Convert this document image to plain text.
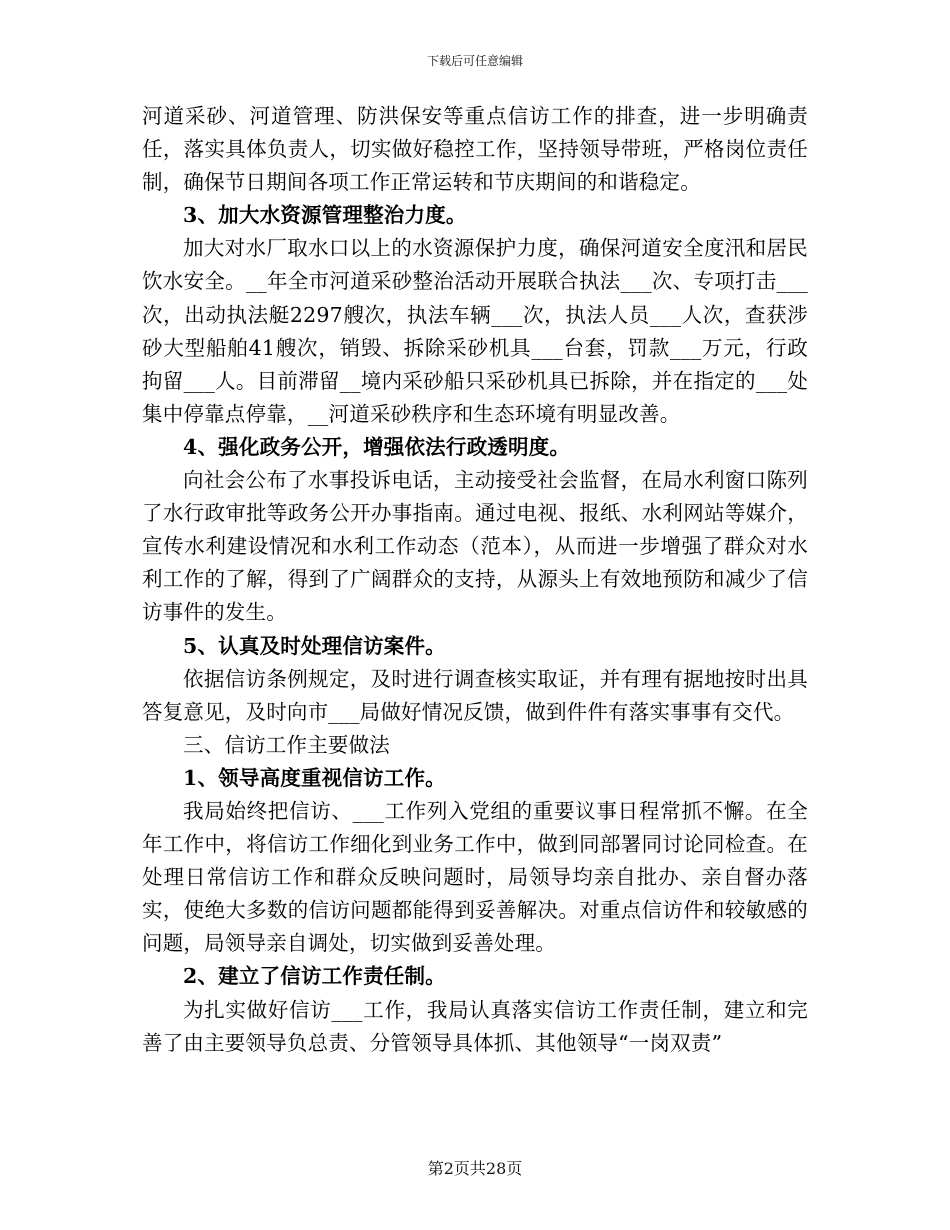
下载后可任意编辑

河道采砂、河道管理、防洪保安等重点信访工作的排查，进一步明确责任，落实具体负责人，切实做好稳控工作，坚持领导带班，严格岗位责任制，确保节日期间各项工作正常运转和节庆期间的和谐稳定。

3、加大水资源管理整治力度。

加大对水厂取水口以上的水资源保护力度，确保河道安全度汛和居民饮水安全。__年全市河道采砂整治活动开展联合执法___次、专项打击___次，出动执法艇2297艘次，执法车辆___次，执法人员___人次，查获涉砂大型船舶41艘次，销毁、拆除采砂机具___台套，罚款___万元，行政拘留___人。目前滞留__境内采砂船只采砂机具已拆除，并在指定的___处集中停靠点停靠，__河道采砂秩序和生态环境有明显改善。

4、强化政务公开，增强依法行政透明度。

向社会公布了水事投诉电话，主动接受社会监督，在局水利窗口陈列了水行政审批等政务公开办事指南。通过电视、报纸、水利网站等媒介，宣传水利建设情况和水利工作动态（范本），从而进一步增强了群众对水利工作的了解，得到了广阔群众的支持，从源头上有效地预防和减少了信访事件的发生。

5、认真及时处理信访案件。

依据信访条例规定，及时进行调查核实取证，并有理有据地按时出具答复意见，及时向市___局做好情况反馈，做到件件有落实事事有交代。

三、信访工作主要做法

1、领导高度重视信访工作。

我局始终把信访、___工作列入党组的重要议事日程常抓不懈。在全年工作中，将信访工作细化到业务工作中，做到同部署同讨论同检查。在处理日常信访工作和群众反映问题时，局领导均亲自批办、亲自督办落实，使绝大多数的信访问题都能得到妥善解决。对重点信访件和较敏感的问题，局领导亲自调处，切实做到妥善处理。

2、建立了信访工作责任制。

为扎实做好信访___工作，我局认真落实信访工作责任制，建立和完善了由主要领导负总责、分管领导具体抓、其他领导“一岗双责”

第2页共28页
